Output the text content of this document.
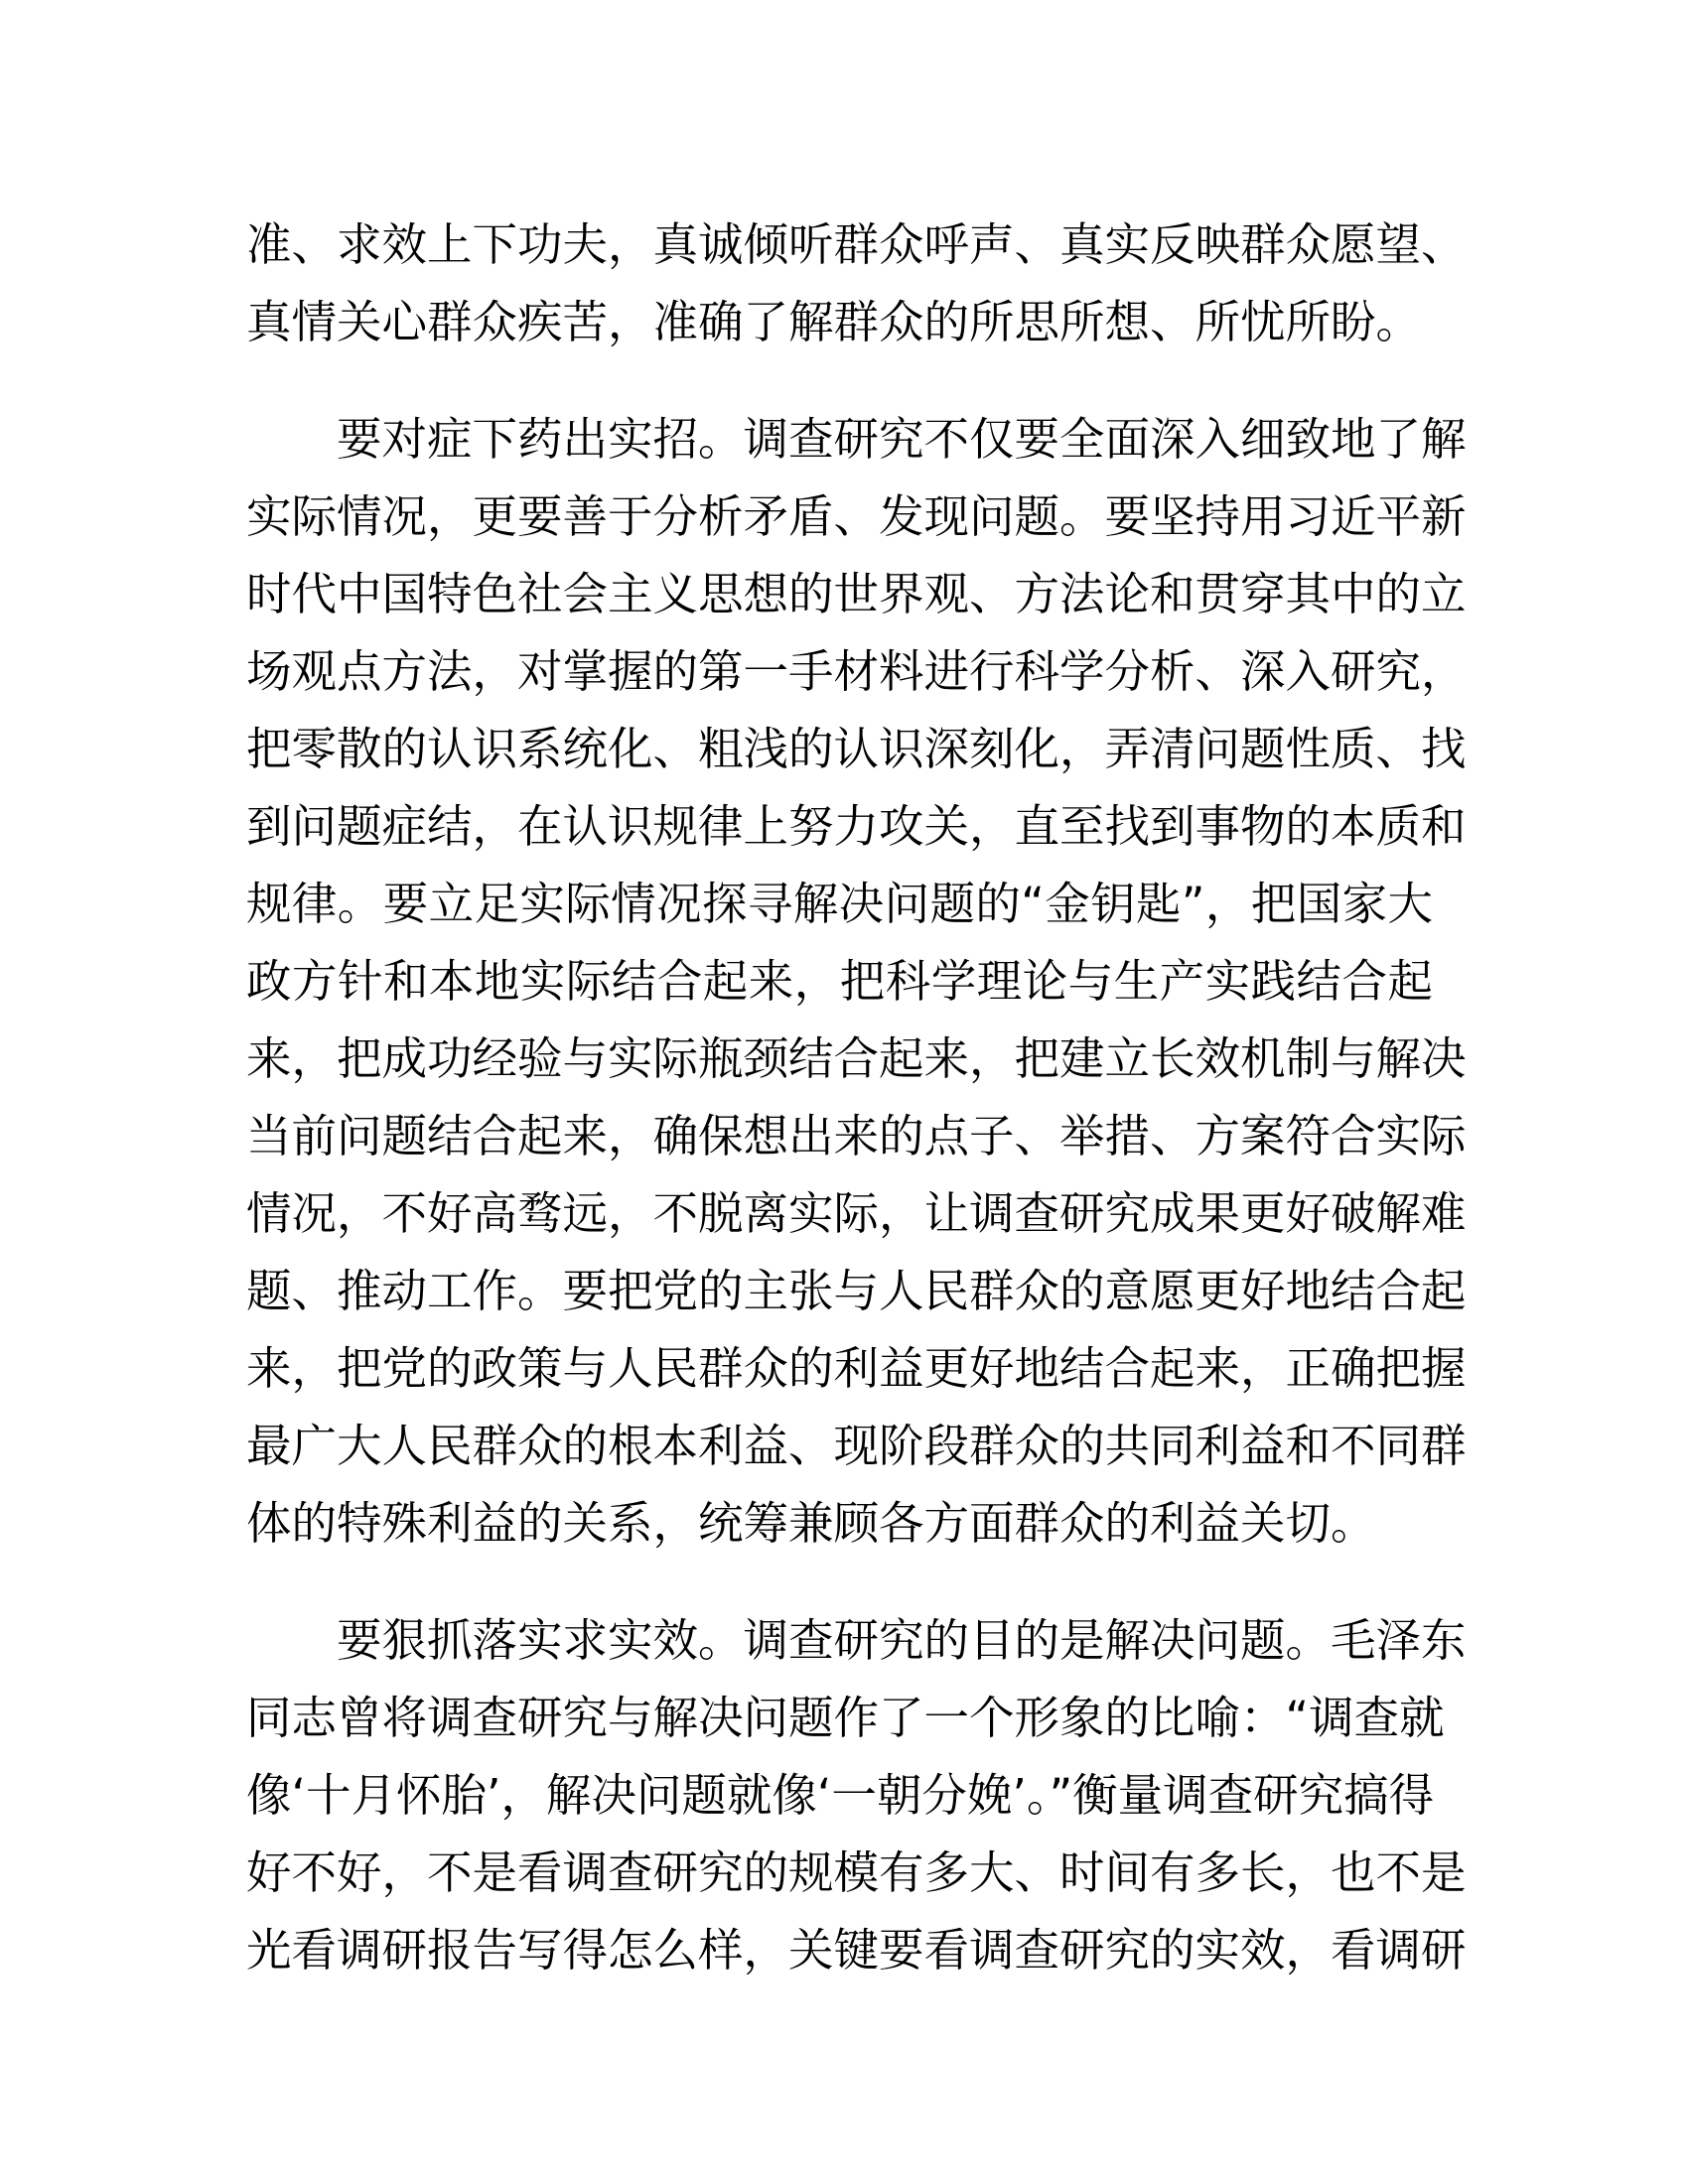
准、求效上下功夫，真诚倾听群众呼声、真实反映群众愿望、
真情关心群众疾苦，准确了解群众的所思所想、所忧所盼。
要对症下药出实招。调查研究不仅要全面深入细致地了解
实际情况，更要善于分析矛盾、发现问题。要坚持用习近平新
时代中国特色社会主义思想的世界观、方法论和贯穿其中的立
场观点方法，对掌握的第一手材料进行科学分析、深入研究，
把零散的认识系统化、粗浅的认识深刻化，弄清问题性质、找
到问题症结，在认识规律上努力攻关，直至找到事物的本质和
规律。要立足实际情况探寻解决问题的“金钥匙”，把国家大
政方针和本地实际结合起来，把科学理论与生产实践结合起
来，把成功经验与实际瓶颈结合起来，把建立长效机制与解决
当前问题结合起来，确保想出来的点子、举措、方案符合实际
情况，不好高骛远，不脱离实际，让调查研究成果更好破解难
题、推动工作。要把党的主张与人民群众的意愿更好地结合起
来，把党的政策与人民群众的利益更好地结合起来，正确把握
最广大人民群众的根本利益、现阶段群众的共同利益和不同群
体的特殊利益的关系，统筹兼顾各方面群众的利益关切。
要狠抓落实求实效。调查研究的目的是解决问题。毛泽东
同志曾将调查研究与解决问题作了一个形象的比喻：“调查就
像‘十月怀胎’，解决问题就像‘一朝分娩’。”衡量调查研究搞得
好不好，不是看调查研究的规模有多大、时间有多长，也不是
光看调研报告写得怎么样，关键要看调查研究的实效，看调研
